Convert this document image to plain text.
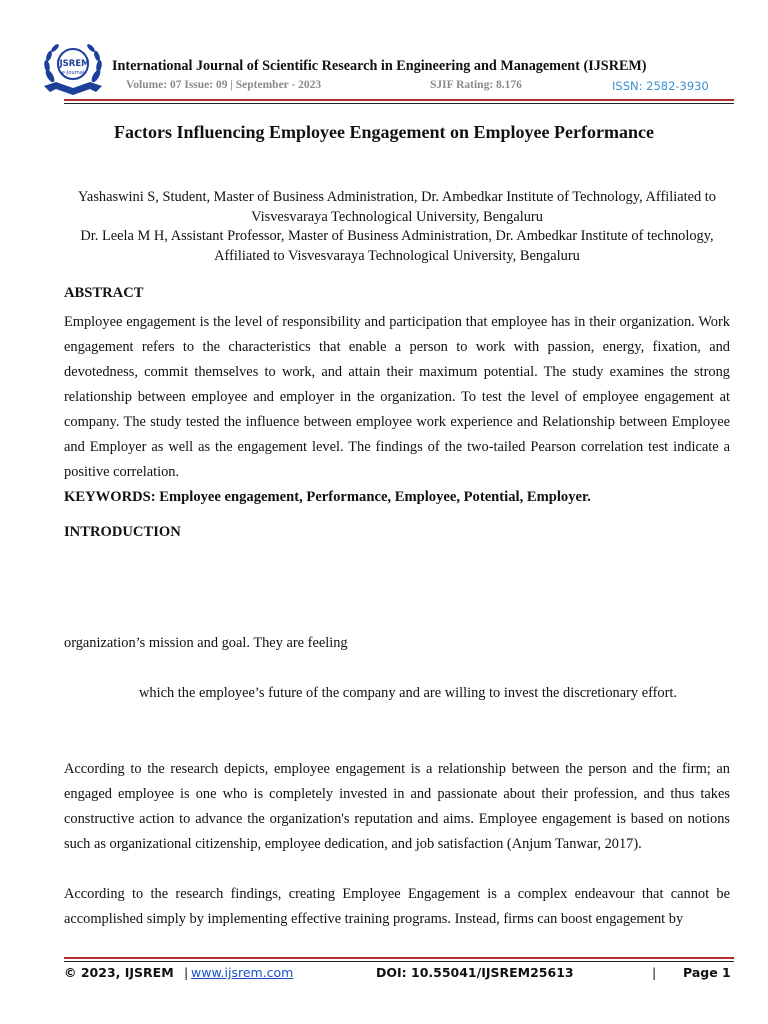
IJSREM
e-Journal International Journal of Scientific Research in Engineering and Management (IJSREM)
Volume: 07 Issue: 09 | September - 2023	SJIF Rating: 8.176	ISSN: 2582-3930
Factors Influencing Employee Engagement on Employee Performance
Yashaswini S, Student, Master of Business Administration, Dr. Ambedkar Institute of Technology, Affiliated to Visvesvaraya Technological University, Bengaluru
Dr. Leela M H, Assistant Professor, Master of Business Administration, Dr. Ambedkar Institute of technology, Affiliated to Visvesvaraya Technological University, Bengaluru
ABSTRACT
Employee engagement is the level of responsibility and participation that employee has in their organization. Work engagement refers to the characteristics that enable a person to work with passion, energy, fixation, and devotedness, commit themselves to work, and attain their maximum potential. The study examines the strong relationship between employee and employer in the organization. To test the level of employee engagement at company. The study tested the influence between employee work experience and Relationship between Employee and Employer as well as the engagement level. The findings of the two-tailed Pearson correlation test indicate a positive correlation.
KEYWORDS: Employee engagement, Performance, Employee, Potential, Employer.
INTRODUCTION
organization’s mission and goal. They are feeling
which the employee’s future of the company and are willing to invest the discretionary effort.
According to the research depicts, employee engagement is a relationship between the person and the firm; an engaged employee is one who is completely invested in and passionate about their profession, and thus takes constructive action to advance the organization's reputation and aims. Employee engagement is based on notions such as organizational citizenship, employee dedication, and job satisfaction (Anjum Tanwar, 2017).
According to the research findings, creating Employee Engagement is a complex endeavour that cannot be accomplished simply by implementing effective training programs. Instead, firms can boost engagement by
© 2023, IJSREM | www.ijsrem.com	DOI: 10.55041/IJSREM25613	| Page 1
